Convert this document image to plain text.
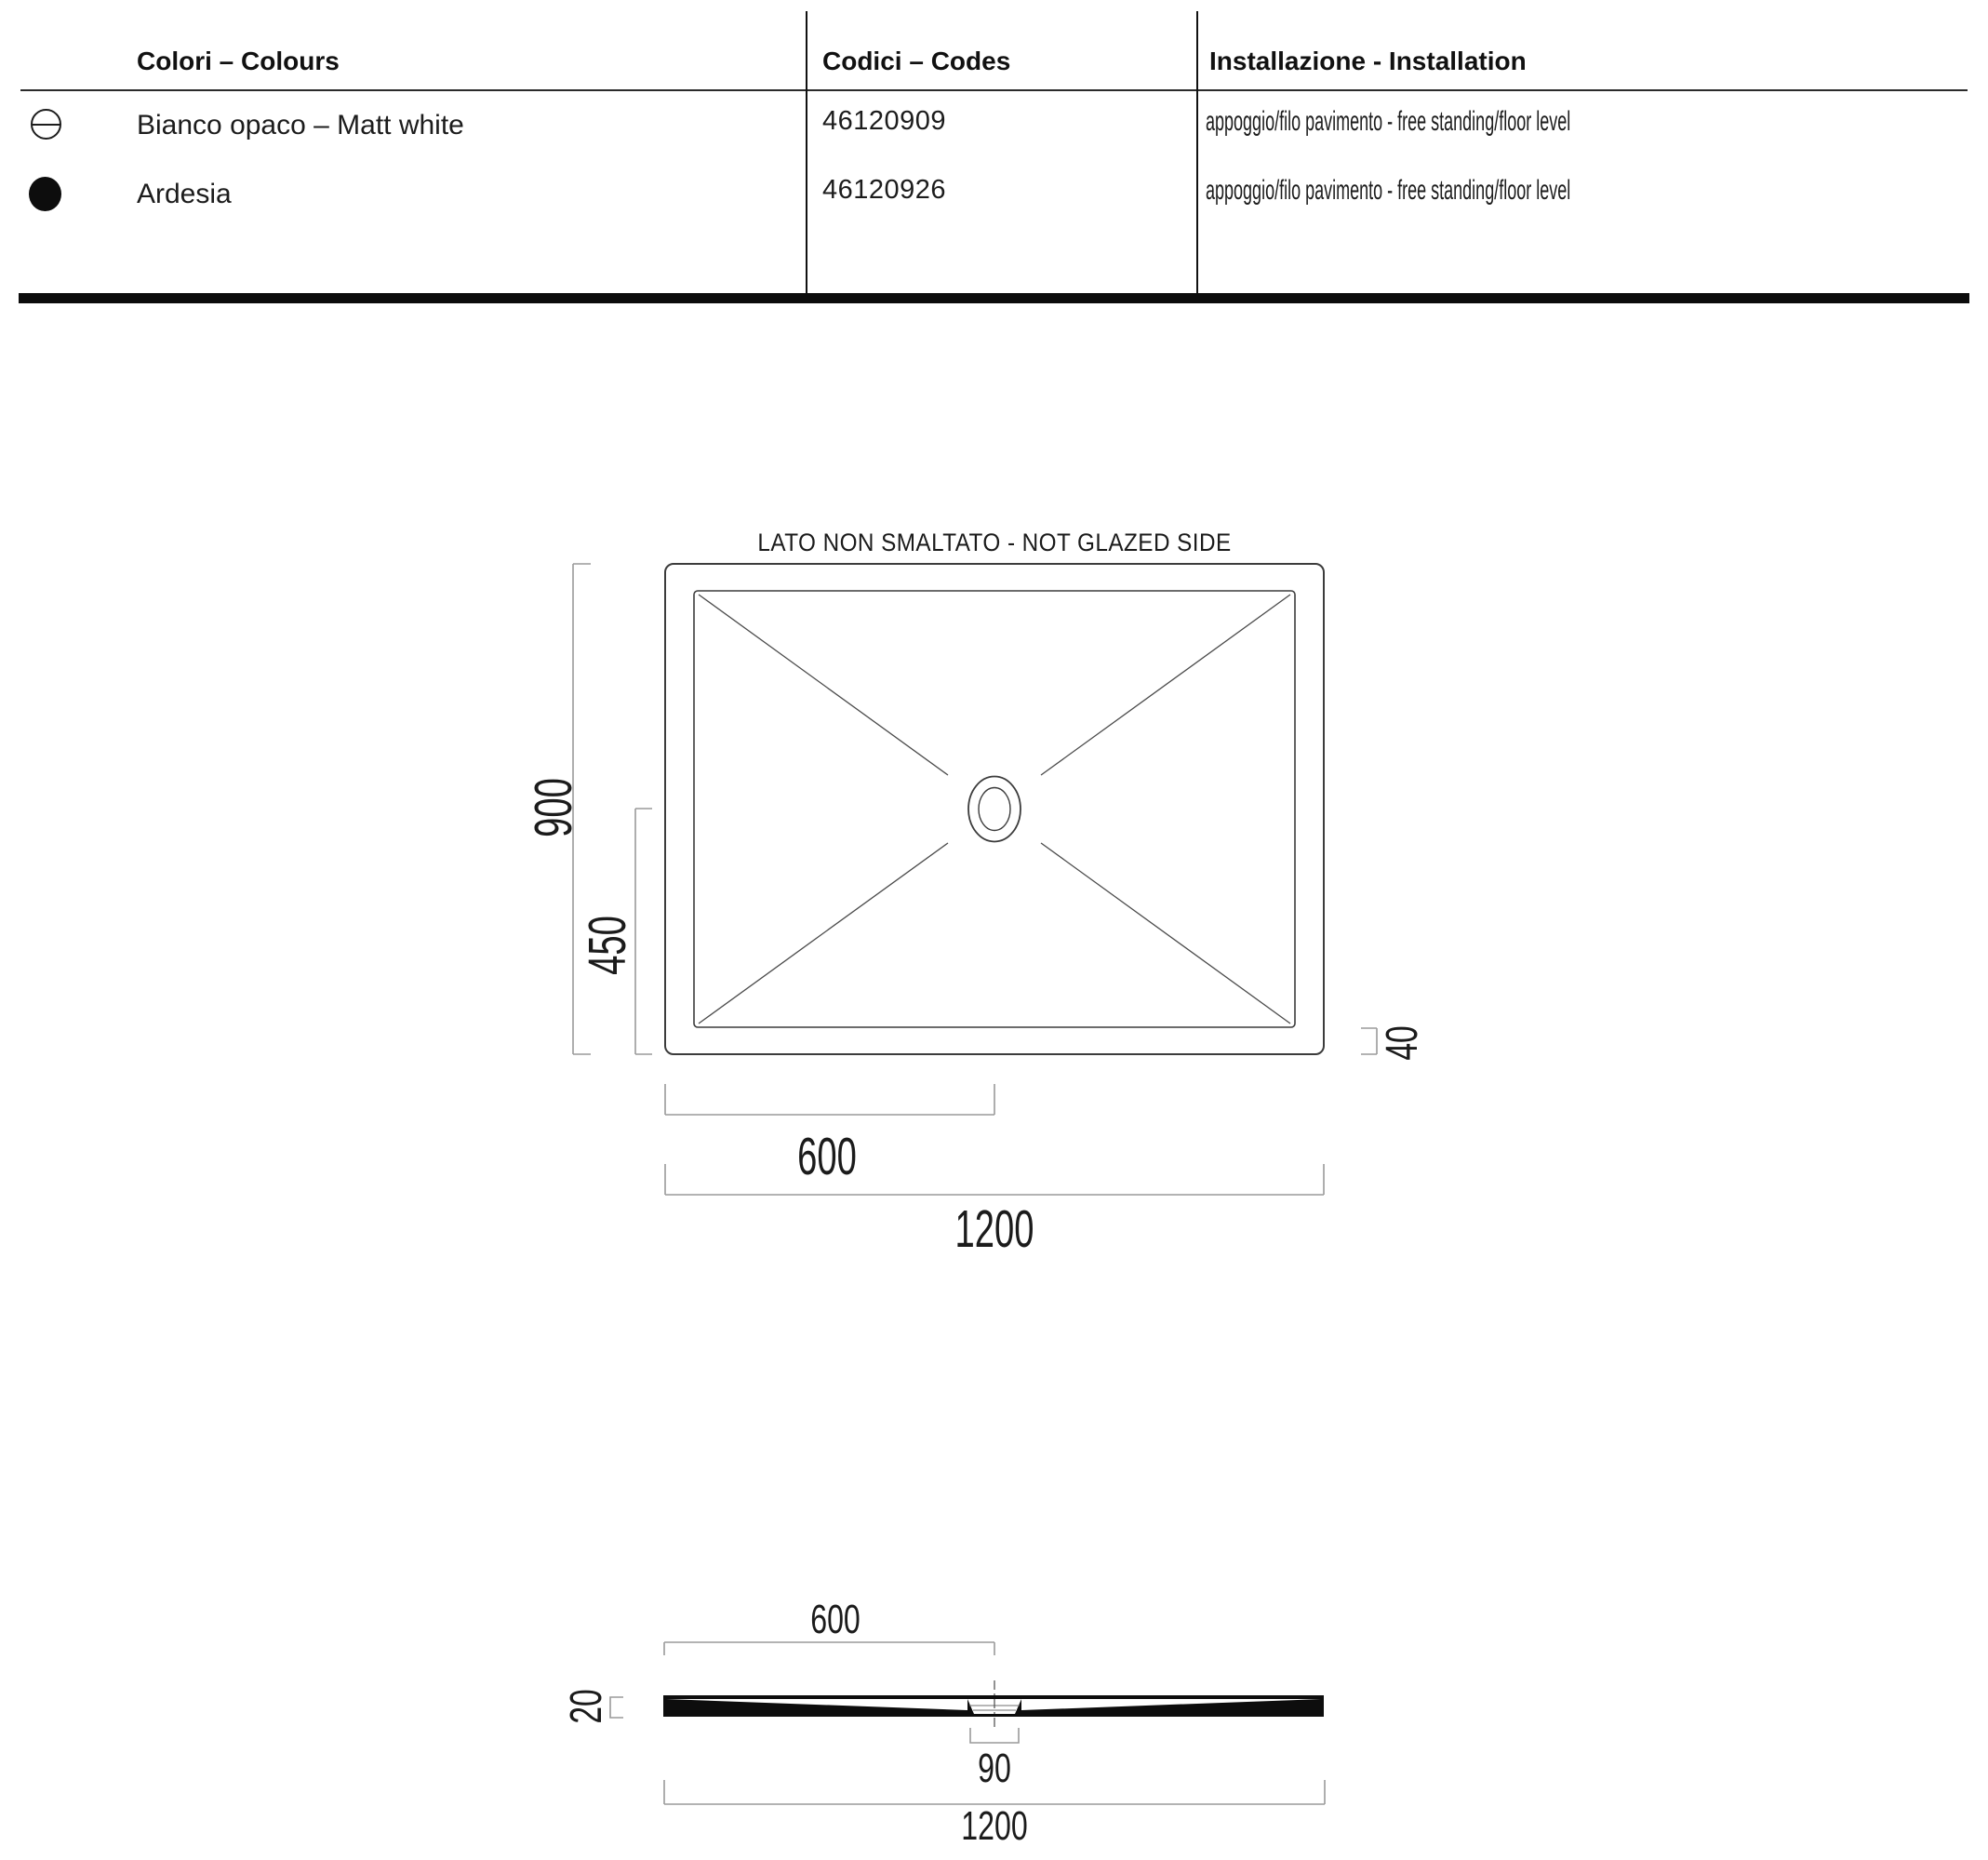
Colori – Colours	Codici – Codes	Installazione - Installation
Bianco opaco – Matt white	46120909	appoggio/filo pavimento - free standing/floor level
Ardesia	46120926	appoggio/filo pavimento - free standing/floor level
LATO NON SMALTATO - NOT GLAZED SIDE
900
450
40
600
1200
600
20
90
1200
